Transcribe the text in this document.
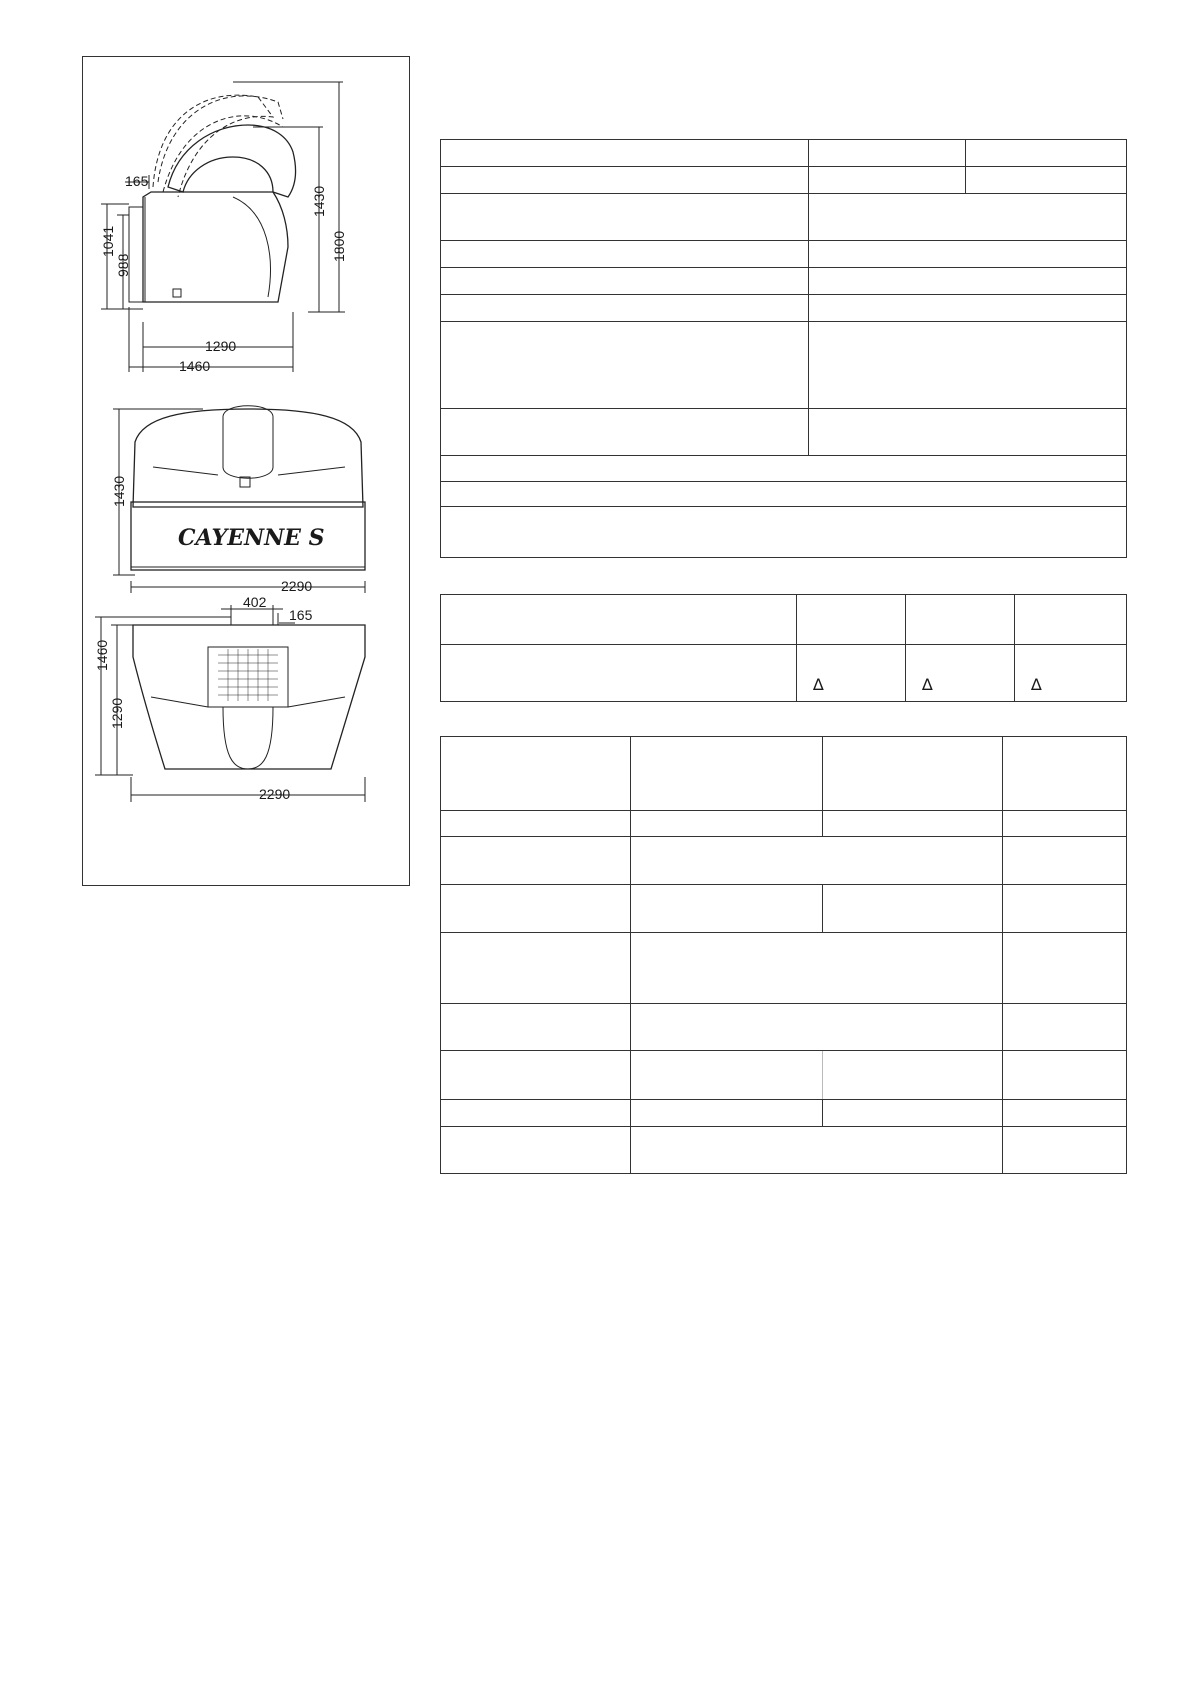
165
1041
988
1430
1800
1290
1460
CAYENNE S
1430
2290
402
165
1460
1290
2290

	∆	∆	∆
